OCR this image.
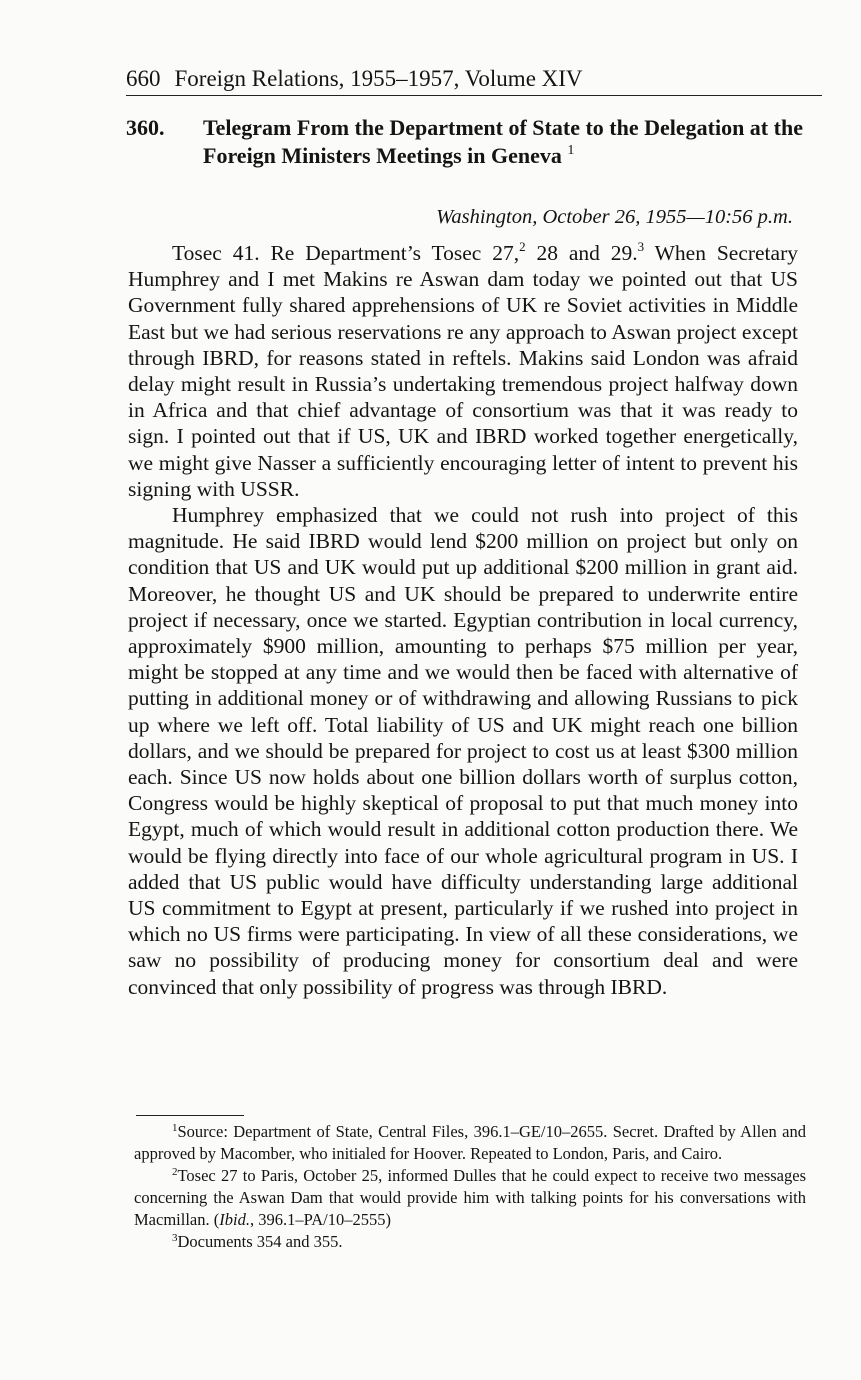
660 Foreign Relations, 1955–1957, Volume XIV
360. Telegram From the Department of State to the Delegation at the Foreign Ministers Meetings in Geneva $^1$
Washington, October 26, 1955—10:56 p.m.

Tosec 41. Re Department’s Tosec 27,$^2$ 28 and 29.$^3$ When Secretary Humphrey and I met Makins re Aswan dam today we pointed out that US Government fully shared apprehensions of UK re Soviet activities in Middle East but we had serious reservations re any approach to Aswan project except through IBRD, for reasons stated in reftels. Makins said London was afraid delay might result in Russia’s undertaking tremendous project halfway down in Africa and that chief advantage of consortium was that it was ready to sign. I pointed out that if US, UK and IBRD worked together energetically, we might give Nasser a sufficiently encouraging letter of intent to prevent his signing with USSR.

Humphrey emphasized that we could not rush into project of this magnitude. He said IBRD would lend $200 million on project but only on condition that US and UK would put up additional $200 million in grant aid. Moreover, he thought US and UK should be prepared to underwrite entire project if necessary, once we started. Egyptian contribution in local currency, approximately $900 million, amounting to perhaps $75 million per year, might be stopped at any time and we would then be faced with alternative of putting in additional money or of withdrawing and allowing Russians to pick up where we left off. Total liability of US and UK might reach one billion dollars, and we should be prepared for project to cost us at least $300 million each. Since US now holds about one billion dollars worth of surplus cotton, Congress would be highly skeptical of proposal to put that much money into Egypt, much of which would result in additional cotton production there. We would be flying directly into face of our whole agricultural program in US. I added that US public would have difficulty understanding large additional US commitment to Egypt at present, particularly if we rushed into project in which no US firms were participating. In view of all these considerations, we saw no possibility of producing money for consortium deal and were convinced that only possibility of progress was through IBRD.

$^1$Source: Department of State, Central Files, 396.1–GE/10–2655. Secret. Drafted by Allen and approved by Macomber, who initialed for Hoover. Repeated to London, Paris, and Cairo.

$^2$Tosec 27 to Paris, October 25, informed Dulles that he could expect to receive two messages concerning the Aswan Dam that would provide him with talking points for his conversations with Macmillan. (Ibid., 396.1–PA/10–2555)

$^3$Documents 354 and 355.
